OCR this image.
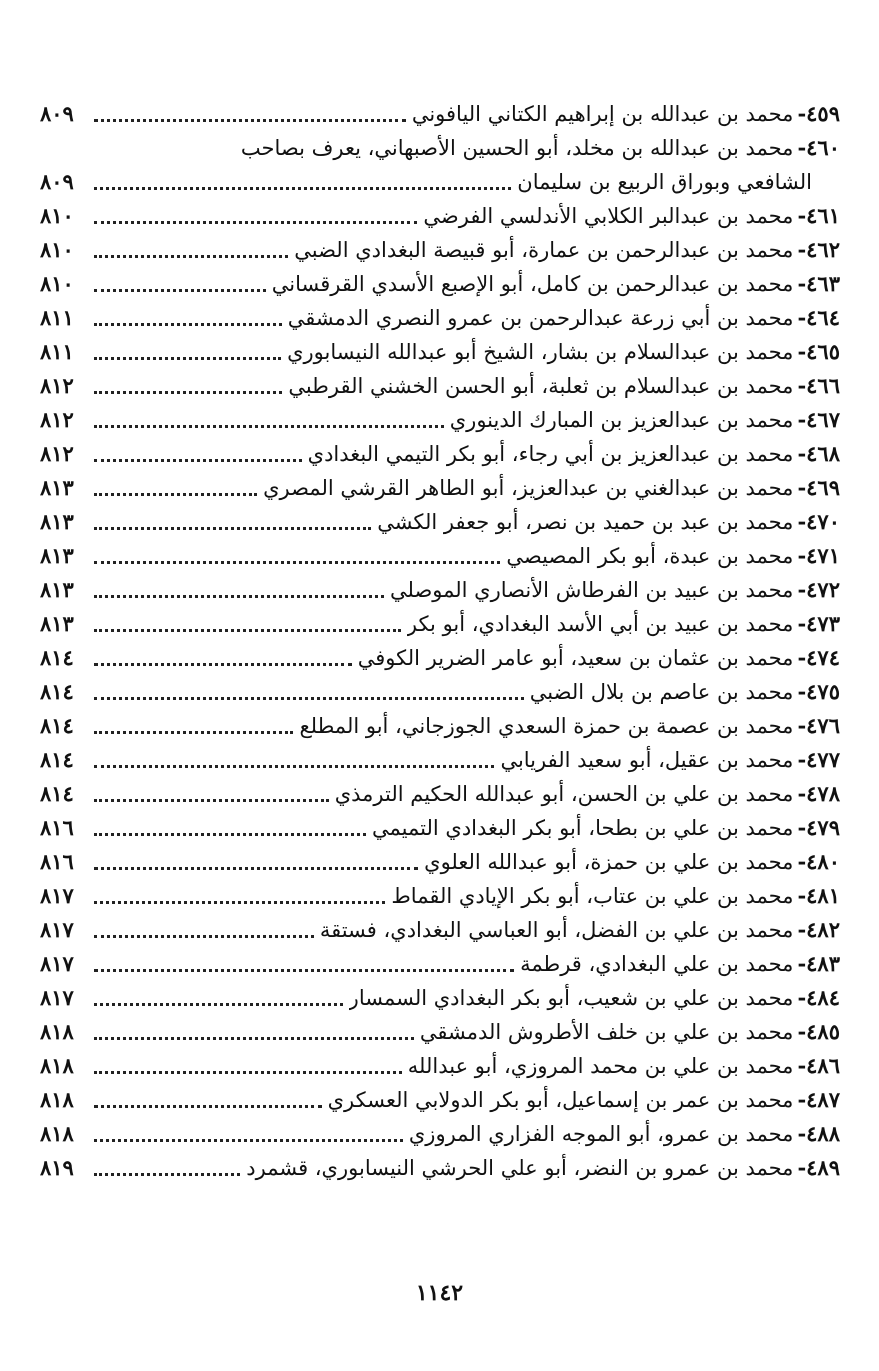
٤٥٩
-
محمد بن عبدالله بن إبراهيم الكتاني اليافوني
٨٠٩
٤٦٠
-
محمد بن عبدالله بن مخلد، أبو الحسين الأصبهاني، يعرف بصاحب
الشافعي وبوراق الربيع بن سليمان
٨٠٩
٤٦١
-
محمد بن عبدالبر الكلابي الأندلسي الفرضي
٨١٠
٤٦٢
-
محمد بن عبدالرحمن بن عمارة، أبو قبيصة البغدادي الضبي
٨١٠
٤٦٣
-
محمد بن عبدالرحمن بن كامل، أبو الإصبع الأسدي القرقساني
٨١٠
٤٦٤
-
محمد بن أبي زرعة عبدالرحمن بن عمرو النصري الدمشقي
٨١١
٤٦٥
-
محمد بن عبدالسلام بن بشار، الشيخ أبو عبدالله النيسابوري
٨١١
٤٦٦
-
محمد بن عبدالسلام بن ثعلبة، أبو الحسن الخشني القرطبي
٨١٢
٤٦٧
-
محمد بن عبدالعزيز بن المبارك الدينوري
٨١٢
٤٦٨
-
محمد بن عبدالعزيز بن أبي رجاء، أبو بكر التيمي البغدادي
٨١٢
٤٦٩
-
محمد بن عبدالغني بن عبدالعزيز، أبو الطاهر القرشي المصري
٨١٣
٤٧٠
-
محمد بن عبد بن حميد بن نصر، أبو جعفر الكشي
٨١٣
٤٧١
-
محمد بن عبدة، أبو بكر المصيصي
٨١٣
٤٧٢
-
محمد بن عبيد بن الفرطاش الأنصاري الموصلي
٨١٣
٤٧٣
-
محمد بن عبيد بن أبي الأسد البغدادي، أبو بكر
٨١٣
٤٧٤
-
محمد بن عثمان بن سعيد، أبو عامر الضرير الكوفي
٨١٤
٤٧٥
-
محمد بن عاصم بن بلال الضبي
٨١٤
٤٧٦
-
محمد بن عصمة بن حمزة السعدي الجوزجاني، أبو المطلع
٨١٤
٤٧٧
-
محمد بن عقيل، أبو سعيد الفريابي
٨١٤
٤٧٨
-
محمد بن علي بن الحسن، أبو عبدالله الحكيم الترمذي
٨١٤
٤٧٩
-
محمد بن علي بن بطحا، أبو بكر البغدادي التميمي
٨١٦
٤٨٠
-
محمد بن علي بن حمزة، أبو عبدالله العلوي
٨١٦
٤٨١
-
محمد بن علي بن عتاب، أبو بكر الإيادي القماط
٨١٧
٤٨٢
-
محمد بن علي بن الفضل، أبو العباسي البغدادي، فستقة
٨١٧
٤٨٣
-
محمد بن علي البغدادي، قرطمة
٨١٧
٤٨٤
-
محمد بن علي بن شعيب، أبو بكر البغدادي السمسار
٨١٧
٤٨٥
-
محمد بن علي بن خلف الأطروش الدمشقي
٨١٨
٤٨٦
-
محمد بن علي بن محمد المروزي، أبو عبدالله
٨١٨
٤٨٧
-
محمد بن عمر بن إسماعيل، أبو بكر الدولابي العسكري
٨١٨
٤٨٨
-
محمد بن عمرو، أبو الموجه الفزاري المروزي
٨١٨
٤٨٩
-
محمد بن عمرو بن النضر، أبو علي الحرشي النيسابوري، قشمرد
٨١٩
١١٤٢
